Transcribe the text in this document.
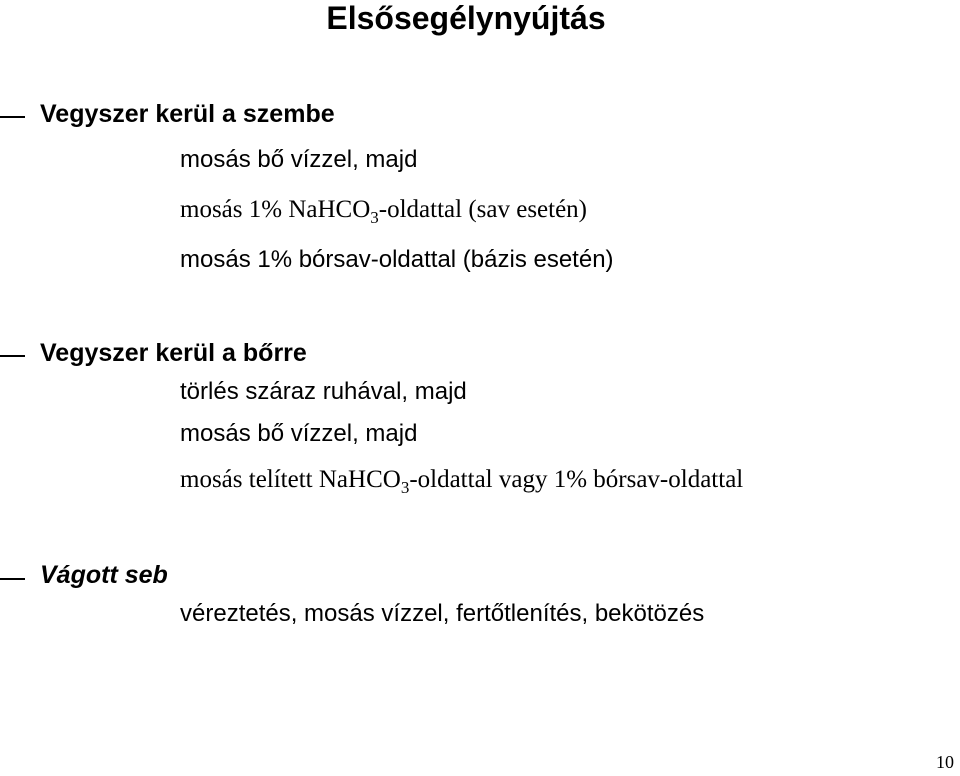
Elsősegélynyújtás
Vegyszer kerül a szembe
mosás bő vízzel, majd
mosás 1% NaHCO$_3$-oldattal (sav esetén)
mosás 1% bórsav-oldattal (bázis esetén)
Vegyszer kerül a bőrre
törlés száraz ruhával, majd
mosás bő vízzel, majd
mosás telített NaHCO$_3$-oldattal vagy 1% bórsav-oldattal
Vágott seb
véreztetés, mosás vízzel, fertőtlenítés, bekötözés
10
